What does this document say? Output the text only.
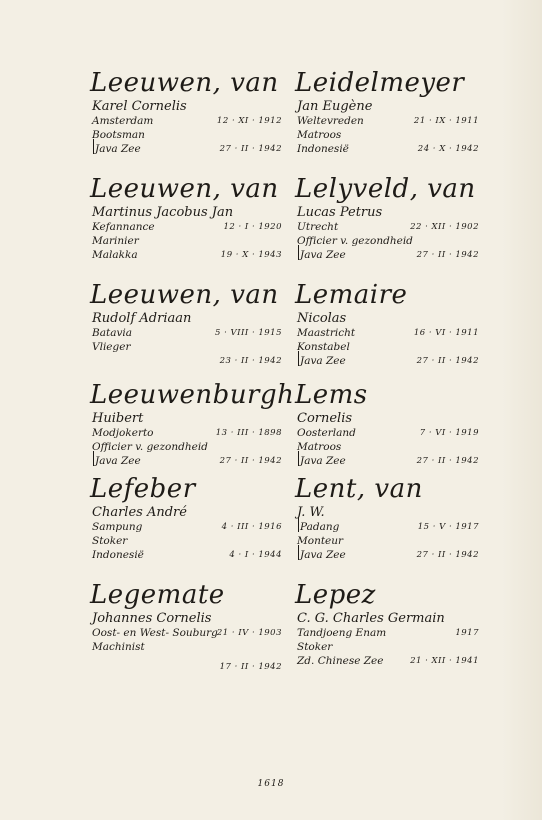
Leeuwen, van
Karel Cornelis
Amsterdam	12 · XI · 1912
Bootsman
Java Zee	27 · II · 1942
Leeuwen, van
Martinus Jacobus Jan
Kefannance	12 · I · 1920
Marinier
Malakka	19 · X · 1943
Leeuwen, van
Rudolf Adriaan
Batavia	5 · VIII · 1915
Vlieger
23 · II · 1942
Leeuwenburgh
Huibert
Modjokerto	13 · III · 1898
Officier v. gezondheid
Java Zee	27 · II · 1942
Lefeber
Charles André
Sampung	4 · III · 1916
Stoker
Indonesië	4 · I · 1944
Legemate
Johannes Cornelis
Oost- en West- Souburg
21 · IV · 1903
Machinist
17 · II · 1942
Leidelmeyer
Jan Eugène
Weltevreden	21 · IX · 1911
Matroos
Indonesië	24 · X · 1942
Lelyveld, van
Lucas Petrus
Utrecht	22 · XII · 1902
Officier v. gezondheid
Java Zee	27 · II · 1942
Lemaire
Nicolas
Maastricht	16 · VI · 1911
Konstabel
Java Zee	27 · II · 1942
Lems
Cornelis
Oosterland	7 · VI · 1919
Matroos
Java Zee	27 · II · 1942
Lent, van
J. W.
Padang	15 · V · 1917
Monteur
Java Zee	27 · II · 1942
Lepez
C. G. Charles Germain
Tandjoeng Enam	1917
Stoker
Zd. Chinese Zee	21 · XII · 1941
1618
